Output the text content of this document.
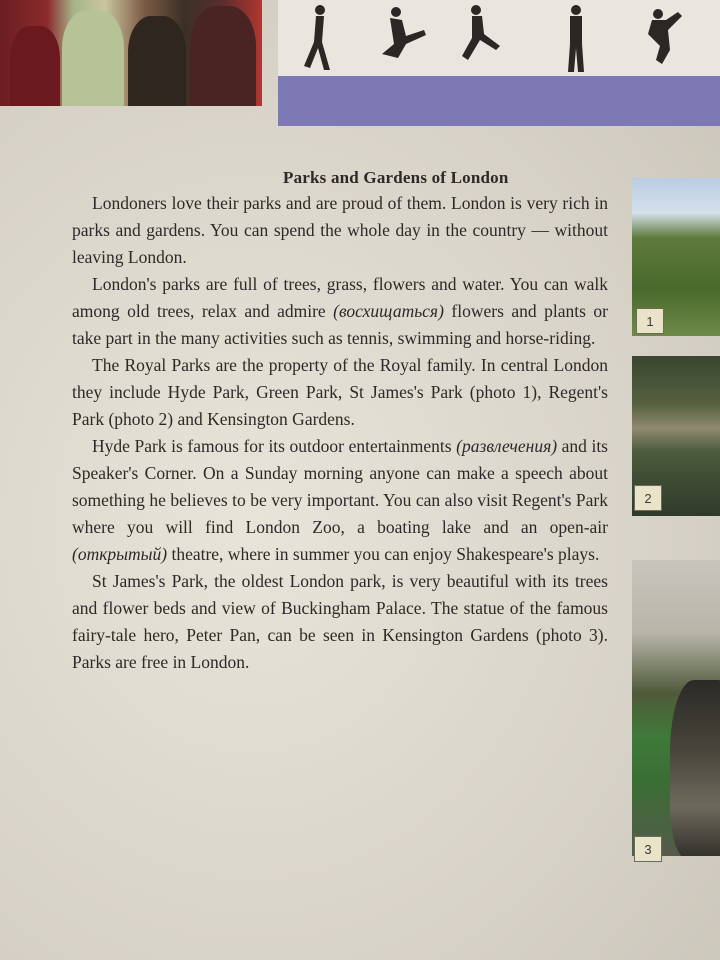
Parks and Gardens of London

Londoners love their parks and are proud of them. London is very rich in parks and gardens. You can spend the whole day in the country — without leaving London.

London's parks are full of trees, grass, flowers and water. You can walk among old trees, relax and admire (восхищаться) flowers and plants or take part in the many activities such as tennis, swimming and horse-riding.

The Royal Parks are the property of the Royal family. In central London they include Hyde Park, Green Park, St James's Park (photo 1), Regent's Park (photo 2) and Kensington Gardens.

Hyde Park is famous for its outdoor entertainments (развлечения) and its Speaker's Corner. On a Sunday morning anyone can make a speech about something he believes to be very important. You can also visit Regent's Park where you will find London Zoo, a boating lake and an open-air (открытый) theatre, where in summer you can enjoy Shakespeare's plays.

St James's Park, the oldest London park, is very beautiful with its trees and flower beds and view of Buckingham Palace. The statue of the famous fairy-tale hero, Peter Pan, can be seen in Kensington Gardens (photo 3). Parks are free in London.

1
2
3
